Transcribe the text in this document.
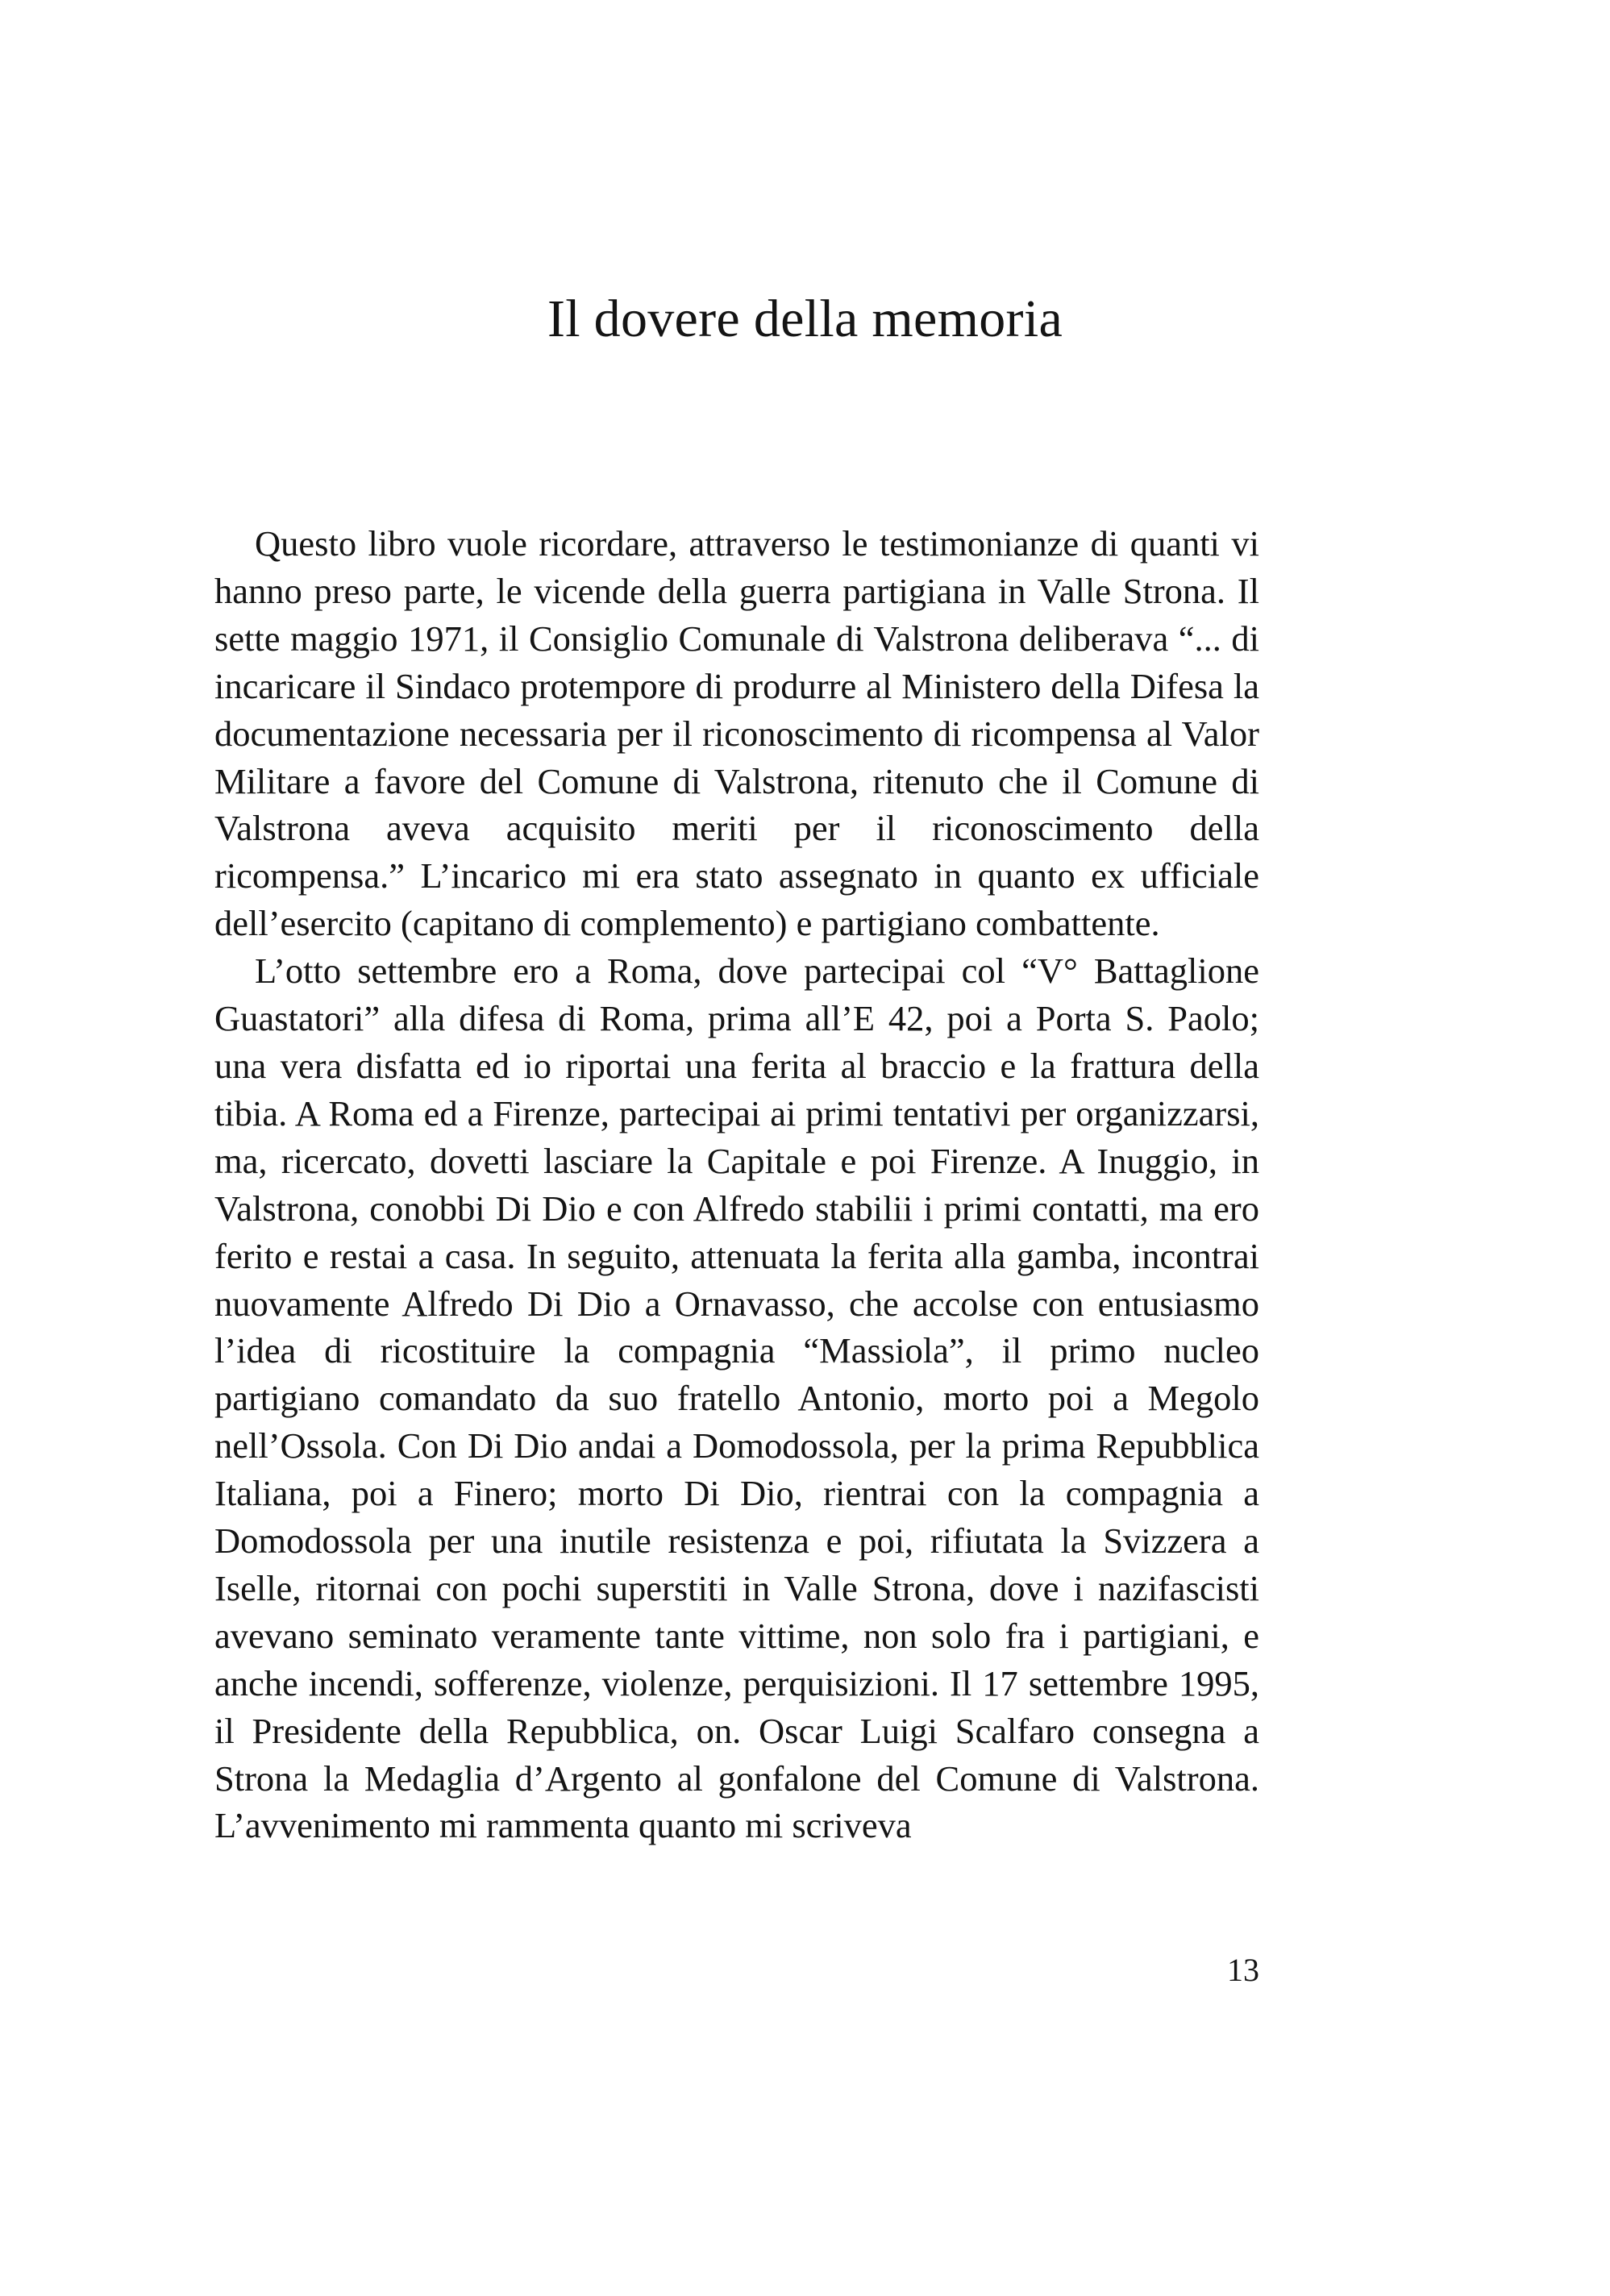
Il dovere della memoria

Questo libro vuole ricordare, attraverso le testimonianze di quanti vi hanno preso parte, le vicende della guerra partigiana in Valle Strona. Il sette maggio 1971, il Consiglio Comunale di Valstrona deliberava “... di incaricare il Sindaco protempore di produrre al Ministero della Difesa la documentazione necessaria per il riconoscimento di ricompensa al Valor Militare a favore del Comune di Valstrona, ritenuto che il Comune di Valstrona aveva acquisito meriti per il riconoscimento della ricompensa.” L’incarico mi era stato assegnato in quanto ex ufficiale dell’esercito (capitano di complemento) e partigiano combattente.

L’otto settembre ero a Roma, dove partecipai col “V° Battaglione Guastatori” alla difesa di Roma, prima all’E 42, poi a Porta S. Paolo; una vera disfatta ed io riportai una ferita al braccio e la frattura della tibia. A Roma ed a Firenze, partecipai ai primi tentativi per organizzarsi, ma, ricercato, dovetti lasciare la Capitale e poi Firenze. A Inuggio, in Valstrona, conobbi Di Dio e con Alfredo stabilii i primi contatti, ma ero ferito e restai a casa. In seguito, attenuata la ferita alla gamba, incontrai nuovamente Alfredo Di Dio a Ornavasso, che accolse con entusiasmo l’idea di ricostituire la compagnia “Massiola”, il primo nucleo partigiano comandato da suo fratello Antonio, morto poi a Megolo nell’Ossola. Con Di Dio andai a Domodossola, per la prima Repubblica Italiana, poi a Finero; morto Di Dio, rientrai con la compagnia a Domodossola per una inutile resistenza e poi, rifiutata la Svizzera a Iselle, ritornai con pochi superstiti in Valle Strona, dove i nazifascisti avevano seminato veramente tante vittime, non solo fra i partigiani, e anche incendi, sofferenze, violenze, perquisizioni. Il 17 settembre 1995, il Presidente della Repubblica, on. Oscar Luigi Scalfaro consegna a Strona la Medaglia d’Argento al gonfalone del Comune di Valstrona. L’avvenimento mi rammenta quanto mi scriveva

13
